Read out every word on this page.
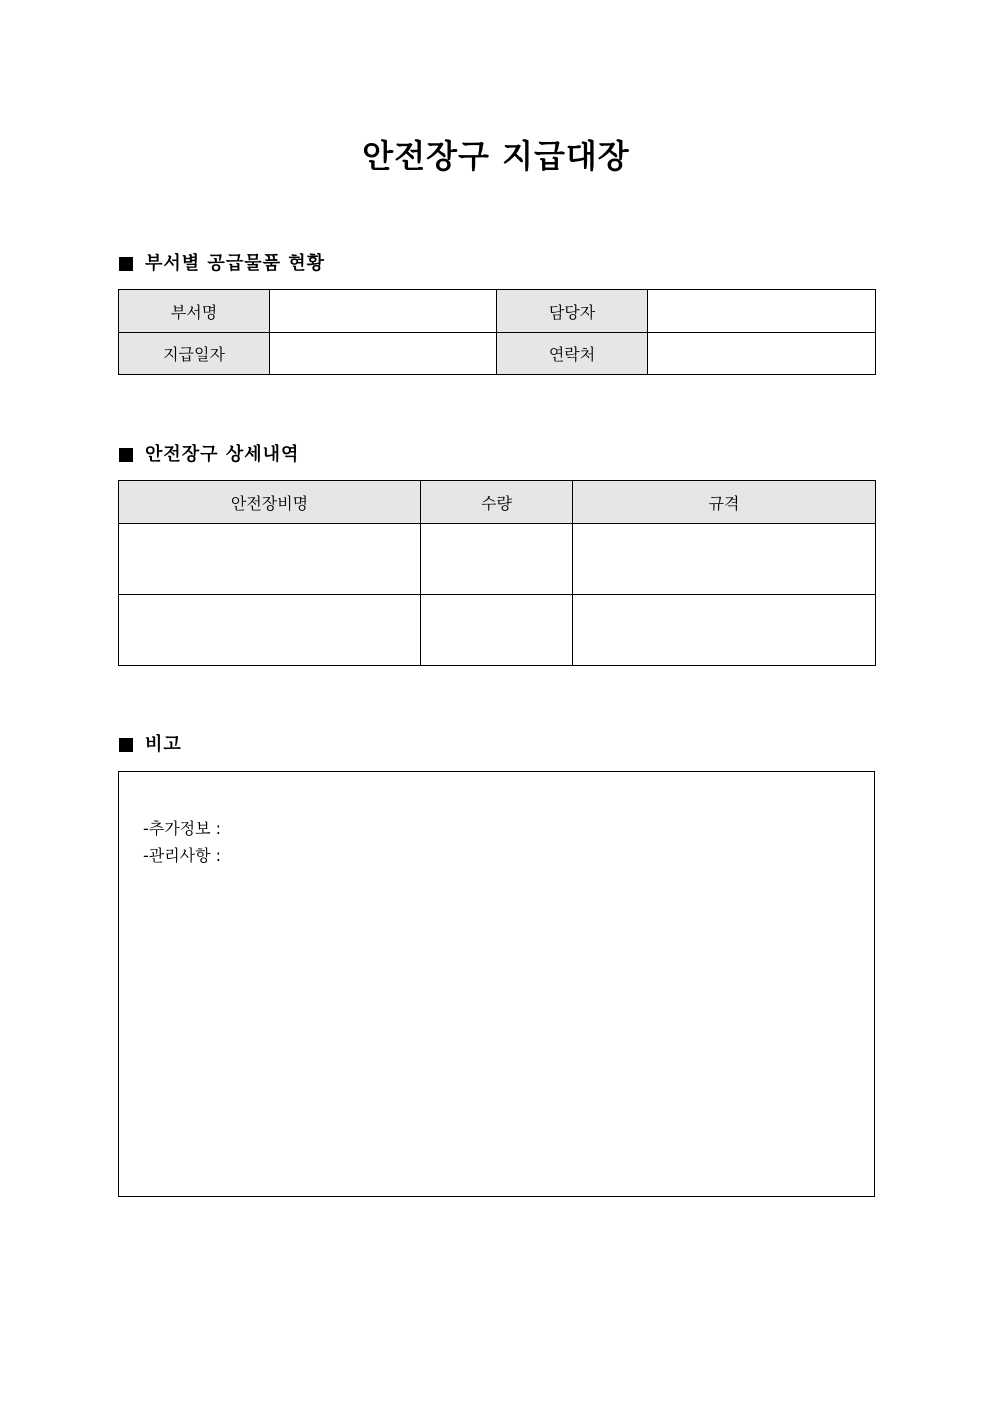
안전장구 지급대장
부서별 공급물품 현황
부서명		담당자	
지급일자		연락처	
안전장구 상세내역
안전장비명	수량	규격

비고
-추가정보 :
-관리사항 :
